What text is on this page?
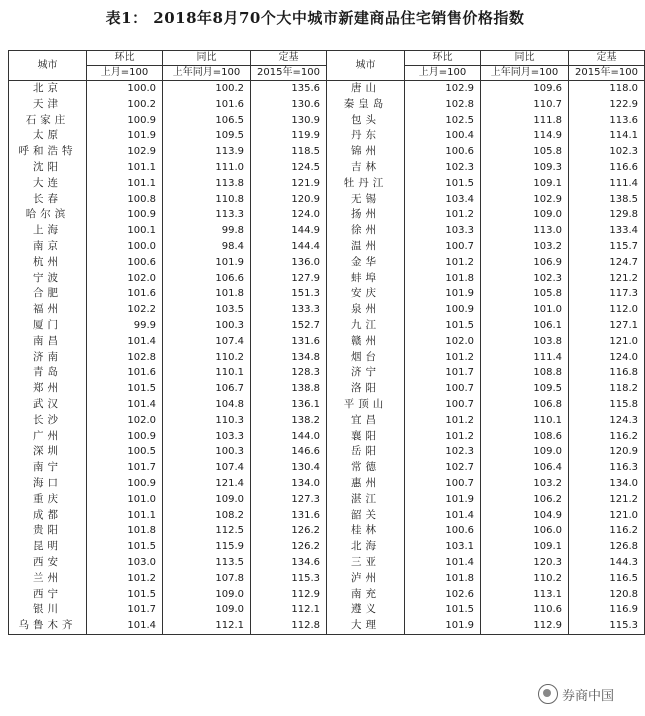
表1： 2018年8月70个大中城市新建商品住宅销售价格指数
城市	环比	同比	定基	城市	环比	同比	定基
	上月=100	上年同月=100	2015年=100		上月=100	上年同月=100	2015年=100
北京	100.0	100.2	135.6	唐山	102.9	109.6	118.0
天津	100.2	101.6	130.6	秦皇岛	102.8	110.7	122.9
石家庄	100.9	106.5	130.9	包头	102.5	111.8	113.6
太原	101.9	109.5	119.9	丹东	100.4	114.9	114.1
呼和浩特	102.9	113.9	118.5	锦州	100.6	105.8	102.3
沈阳	101.1	111.0	124.5	吉林	102.3	109.3	116.6
大连	101.1	113.8	121.9	牡丹江	101.5	109.1	111.4
长春	100.8	110.8	120.9	无锡	103.4	102.9	138.5
哈尔滨	100.9	113.3	124.0	扬州	101.2	109.0	129.8
上海	100.1	99.8	144.9	徐州	103.3	113.0	133.4
南京	100.0	98.4	144.4	温州	100.7	103.2	115.7
杭州	100.6	101.9	136.0	金华	101.2	106.9	124.7
宁波	102.0	106.6	127.9	蚌埠	101.8	102.3	121.2
合肥	101.6	101.8	151.3	安庆	101.9	105.8	117.3
福州	102.2	103.5	133.3	泉州	100.9	101.0	112.0
厦门	99.9	100.3	152.7	九江	101.5	106.1	127.1
南昌	101.4	107.4	131.6	赣州	102.0	103.8	121.0
济南	102.8	110.2	134.8	烟台	101.2	111.4	124.0
青岛	101.6	110.1	128.3	济宁	101.7	108.8	116.8
郑州	101.5	106.7	138.8	洛阳	100.7	109.5	118.2
武汉	101.4	104.8	136.1	平顶山	100.7	106.8	115.8
长沙	102.0	110.3	138.2	宜昌	101.2	110.1	124.3
广州	100.9	103.3	144.0	襄阳	101.2	108.6	116.2
深圳	100.5	100.3	146.6	岳阳	102.3	109.0	120.9
南宁	101.7	107.4	130.4	常德	102.7	106.4	116.3
海口	100.9	121.4	134.0	惠州	100.7	103.2	134.0
重庆	101.0	109.0	127.3	湛江	101.9	106.2	121.2
成都	101.1	108.2	131.6	韶关	101.4	104.9	121.0
贵阳	101.8	112.5	126.2	桂林	100.6	106.0	116.2
昆明	101.5	115.9	126.2	北海	103.1	109.1	126.8
西安	103.0	113.5	134.6	三亚	101.4	120.3	144.3
兰州	101.2	107.8	115.3	泸州	101.8	110.2	116.5
西宁	101.5	109.0	112.9	南充	102.6	113.1	120.8
银川	101.7	109.0	112.1	遵义	101.5	110.6	116.9
乌鲁木齐	101.4	112.1	112.8	大理	101.9	112.9	115.3
券商中国
